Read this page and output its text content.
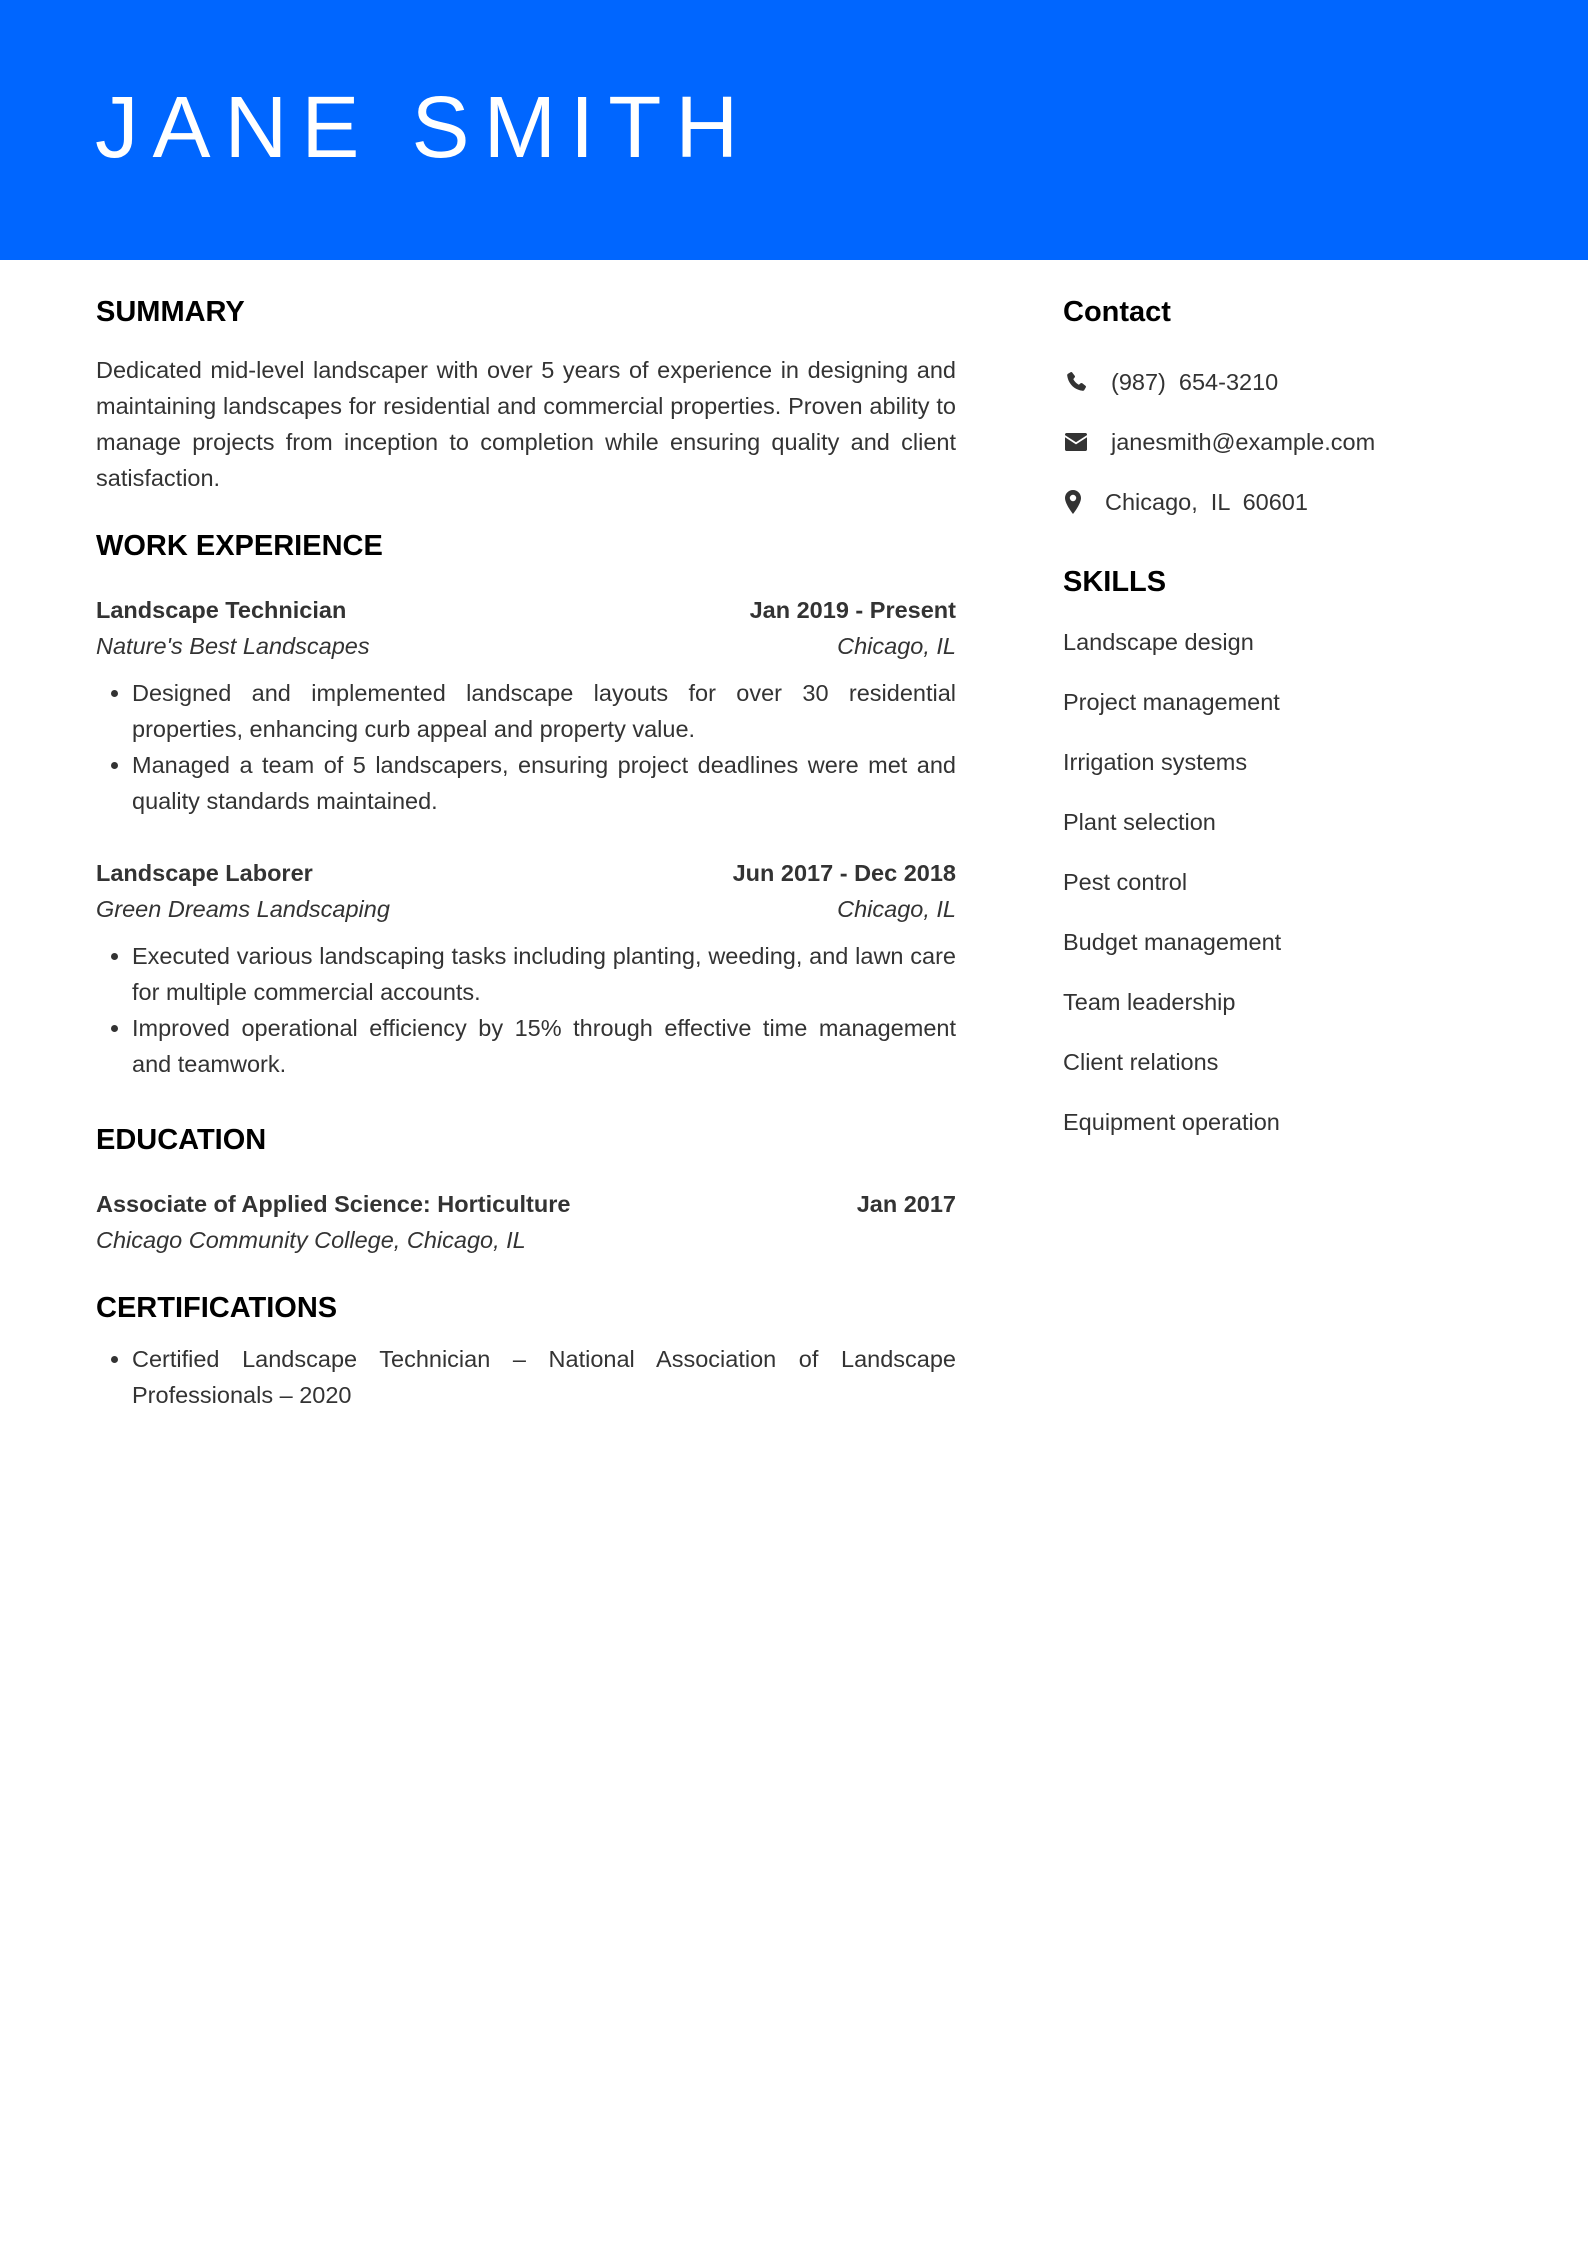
JANE SMITH
SUMMARY

Dedicated mid-level landscaper with over 5 years of experience in designing and maintaining landscapes for residential and commercial properties. Proven ability to manage projects from inception to completion while ensuring quality and client satisfaction.

WORK EXPERIENCE
Landscape Technician	Jan 2019 - Present
Nature's Best Landscapes	Chicago, IL
• Designed and implemented landscape layouts for over 30 residential properties, enhancing curb appeal and property value.
• Managed a team of 5 landscapers, ensuring project deadlines were met and quality standards maintained.
Landscape Laborer	Jun 2017 - Dec 2018
Green Dreams Landscaping	Chicago, IL
• Executed various landscaping tasks including planting, weeding, and lawn care for multiple commercial accounts.
• Improved operational efficiency by 15% through effective time management and teamwork.
EDUCATION
Associate of Applied Science: Horticulture	Jan 2017
Chicago Community College, Chicago, IL
CERTIFICATIONS
• Certified Landscape Technician – National Association of Landscape Professionals – 2020
Contact
(987)  654-3210
janesmith@example.com
Chicago,  IL  60601
SKILLS
Landscape design
Project management
Irrigation systems
Plant selection
Pest control
Budget management
Team leadership
Client relations
Equipment operation
